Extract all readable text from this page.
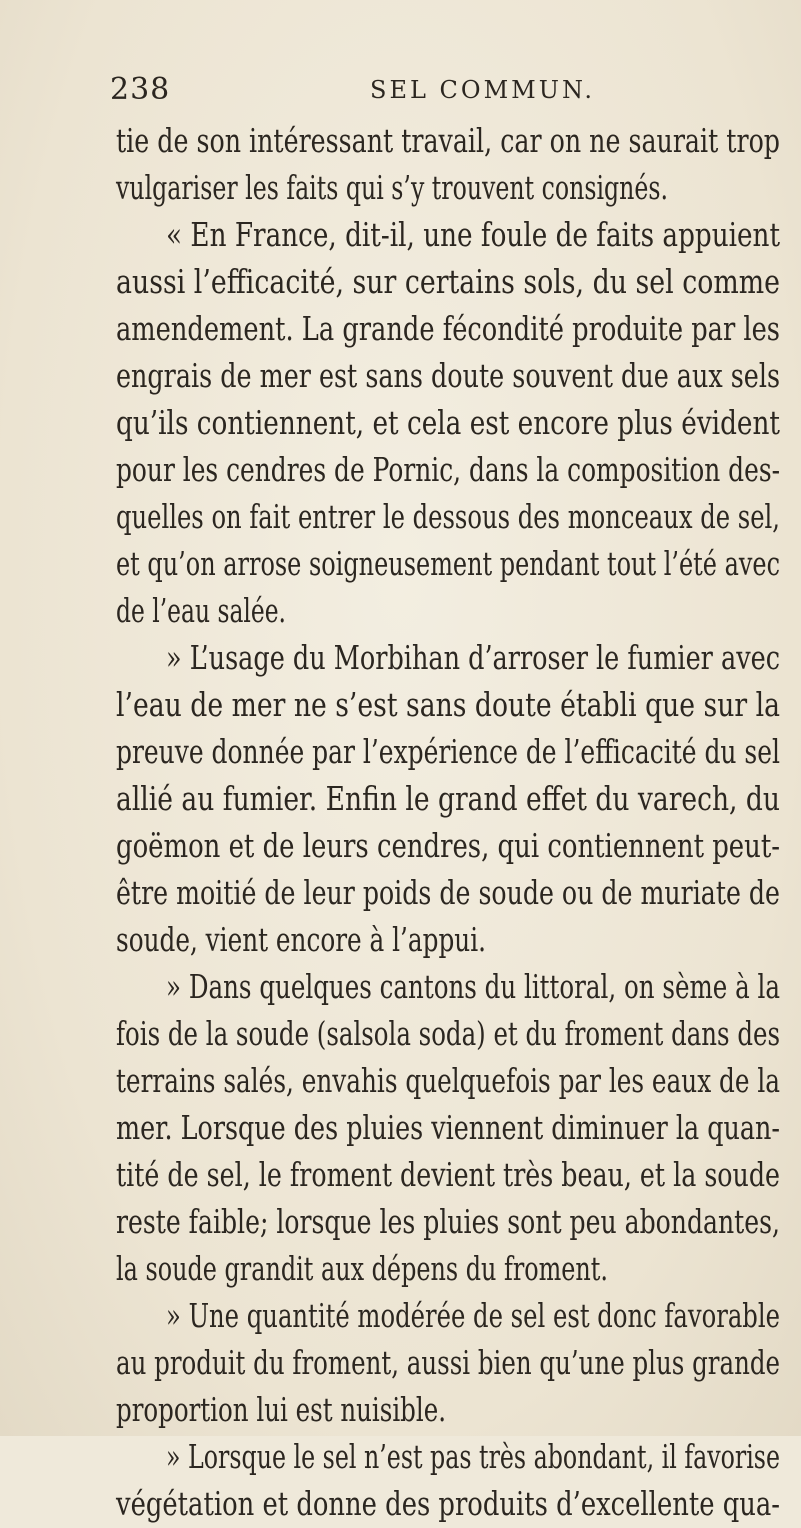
238	SEL COMMUN.
tie de son intéressant travail, car on ne saurait trop
vulgariser les faits qui s’y trouvent consignés.
« En France, dit-il, une foule de faits appuient
aussi l’efficacité, sur certains sols, du sel comme
amendement. La grande fécondité produite par les
engrais de mer est sans doute souvent due aux sels
qu’ils contiennent, et cela est encore plus évident
pour les cendres de Pornic, dans la composition des-
quelles on fait entrer le dessous des monceaux de sel,
et qu’on arrose soigneusement pendant tout l’été avec
de l’eau salée.
» L’usage du Morbihan d’arroser le fumier avec
l’eau de mer ne s’est sans doute établi que sur la
preuve donnée par l’expérience de l’efficacité du sel
allié au fumier. Enfin le grand effet du varech, du
goëmon et de leurs cendres, qui contiennent peut-
être moitié de leur poids de soude ou de muriate de
soude, vient encore à l’appui.
» Dans quelques cantons du littoral, on sème à la
fois de la soude (salsola soda) et du froment dans des
terrains salés, envahis quelquefois par les eaux de la
mer. Lorsque des pluies viennent diminuer la quan-
tité de sel, le froment devient très beau, et la soude
reste faible; lorsque les pluies sont peu abondantes,
la soude grandit aux dépens du froment.
» Une quantité modérée de sel est donc favorable
au produit du froment, aussi bien qu’une plus grande
proportion lui est nuisible.
» Lorsque le sel n’est pas très abondant, il favorise
végétation et donne des produits d’excellente qua-
